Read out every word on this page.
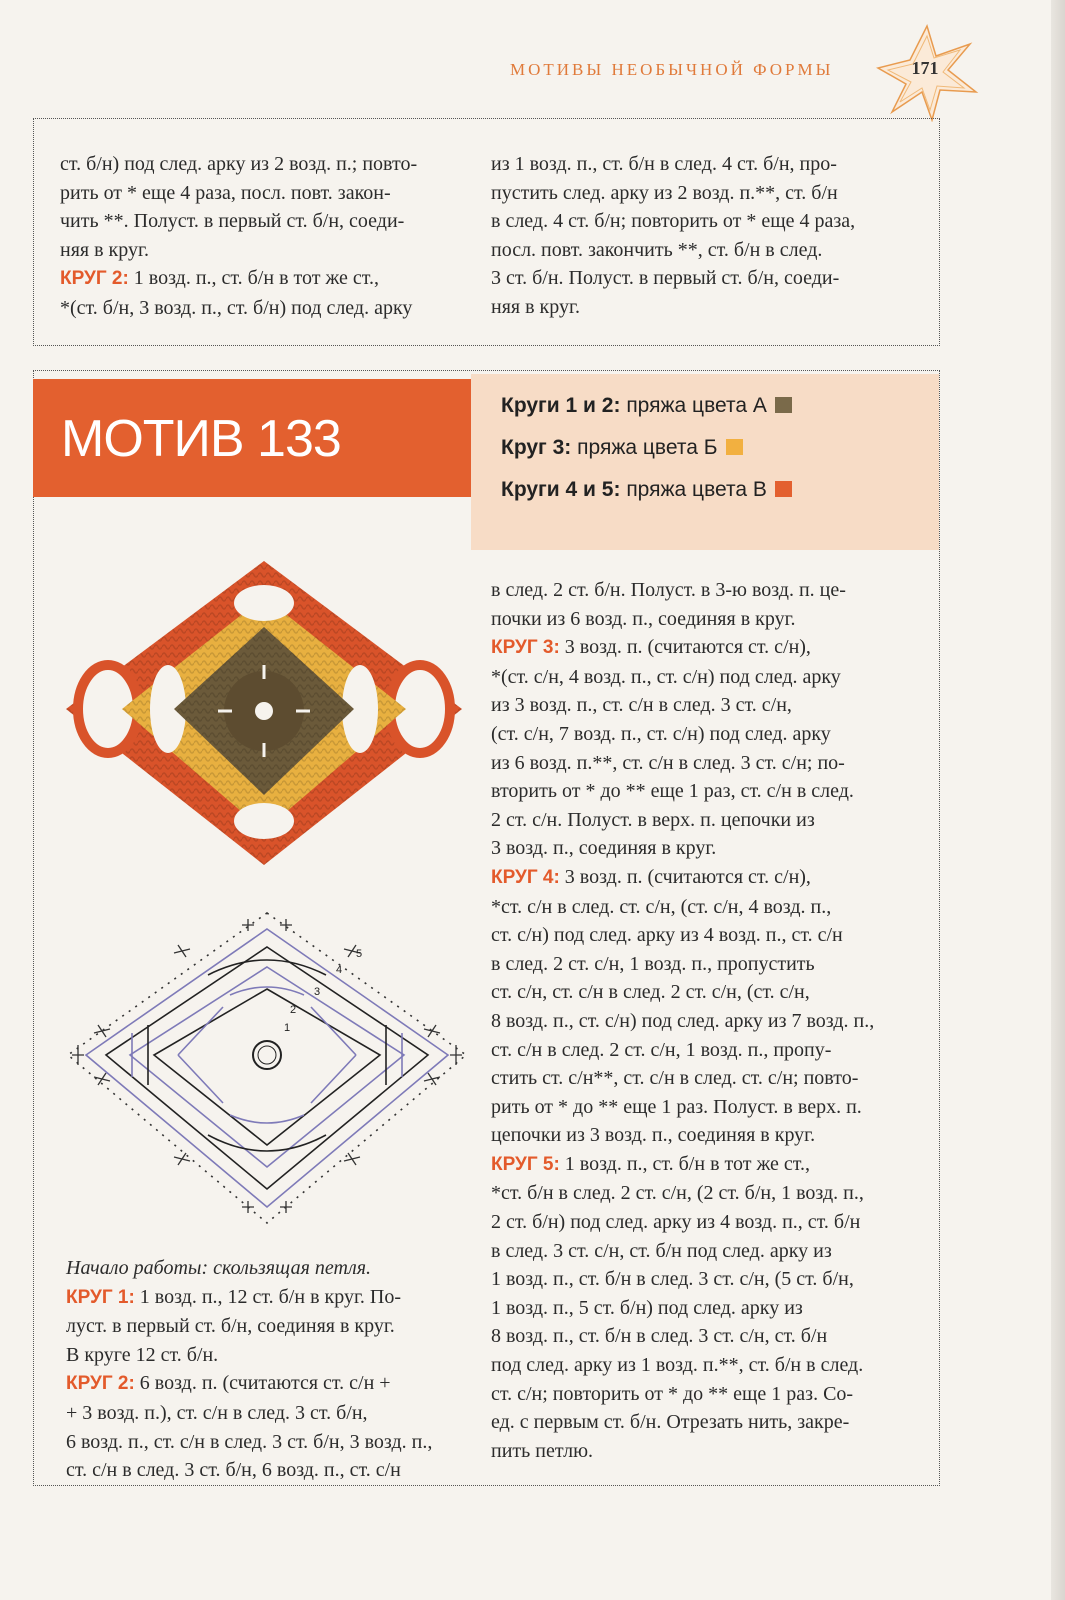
МОТИВЫ НЕОБЫЧНОЙ ФОРМЫ	171

ст. б/н) под след. арку из 2 возд. п.; повто-

рить от * еще 4 раза, посл. повт. закон-

чить **. Полуст. в первый ст. б/н, соеди-

няя в круг.

КРУГ 2: 1 возд. п., ст. б/н в тот же ст.,

*(ст. б/н, 3 возд. п., ст. б/н) под след. арку

из 1 возд. п., ст. б/н в след. 4 ст. б/н, про-

пустить след. арку из 2 возд. п.**, ст. б/н

в след. 4 ст. б/н; повторить от * еще 4 раза,

посл. повт. закончить **, ст. б/н в след.

3 ст. б/н. Полуст. в первый ст. б/н, соеди-

няя в круг.

Круги 1 и 2: пряжа цвета А
Круг 3: пряжа цвета Б
Круги 4 и 5: пряжа цвета В
МОТИВ 133
1
2
3
4
5

Начало работы: скользящая петля.

КРУГ 1: 1 возд. п., 12 ст. б/н в круг. По-

луст. в первый ст. б/н, соединяя в круг.

В круге 12 ст. б/н.

КРУГ 2: 6 возд. п. (считаются ст. с/н +

+ 3 возд. п.), ст. с/н в след. 3 ст. б/н,

6 возд. п., ст. с/н в след. 3 ст. б/н, 3 возд. п.,

ст. с/н в след. 3 ст. б/н, 6 возд. п., ст. с/н

в след. 2 ст. б/н. Полуст. в 3-ю возд. п. це-

почки из 6 возд. п., соединяя в круг.

КРУГ 3: 3 возд. п. (считаются ст. с/н),

*(ст. с/н, 4 возд. п., ст. с/н) под след. арку

из 3 возд. п., ст. с/н в след. 3 ст. с/н,

(ст. с/н, 7 возд. п., ст. с/н) под след. арку

из 6 возд. п.**, ст. с/н в след. 3 ст. с/н; по-

вторить от * до ** еще 1 раз, ст. с/н в след.

2 ст. с/н. Полуст. в верх. п. цепочки из

3 возд. п., соединяя в круг.

КРУГ 4: 3 возд. п. (считаются ст. с/н),

*ст. с/н в след. ст. с/н, (ст. с/н, 4 возд. п.,

ст. с/н) под след. арку из 4 возд. п., ст. с/н

в след. 2 ст. с/н, 1 возд. п., пропустить

ст. с/н, ст. с/н в след. 2 ст. с/н, (ст. с/н,

8 возд. п., ст. с/н) под след. арку из 7 возд. п.,

ст. с/н в след. 2 ст. с/н, 1 возд. п., пропу-

стить ст. с/н**, ст. с/н в след. ст. с/н; повто-

рить от * до ** еще 1 раз. Полуст. в верх. п.

цепочки из 3 возд. п., соединяя в круг.

КРУГ 5: 1 возд. п., ст. б/н в тот же ст.,

*ст. б/н в след. 2 ст. с/н, (2 ст. б/н, 1 возд. п.,

2 ст. б/н) под след. арку из 4 возд. п., ст. б/н

в след. 3 ст. с/н, ст. б/н под след. арку из

1 возд. п., ст. б/н в след. 3 ст. с/н, (5 ст. б/н,

1 возд. п., 5 ст. б/н) под след. арку из

8 возд. п., ст. б/н в след. 3 ст. с/н, ст. б/н

под след. арку из 1 возд. п.**, ст. б/н в след.

ст. с/н; повторить от * до ** еще 1 раз. Со-

ед. с первым ст. б/н. Отрезать нить, закре-

пить петлю.
